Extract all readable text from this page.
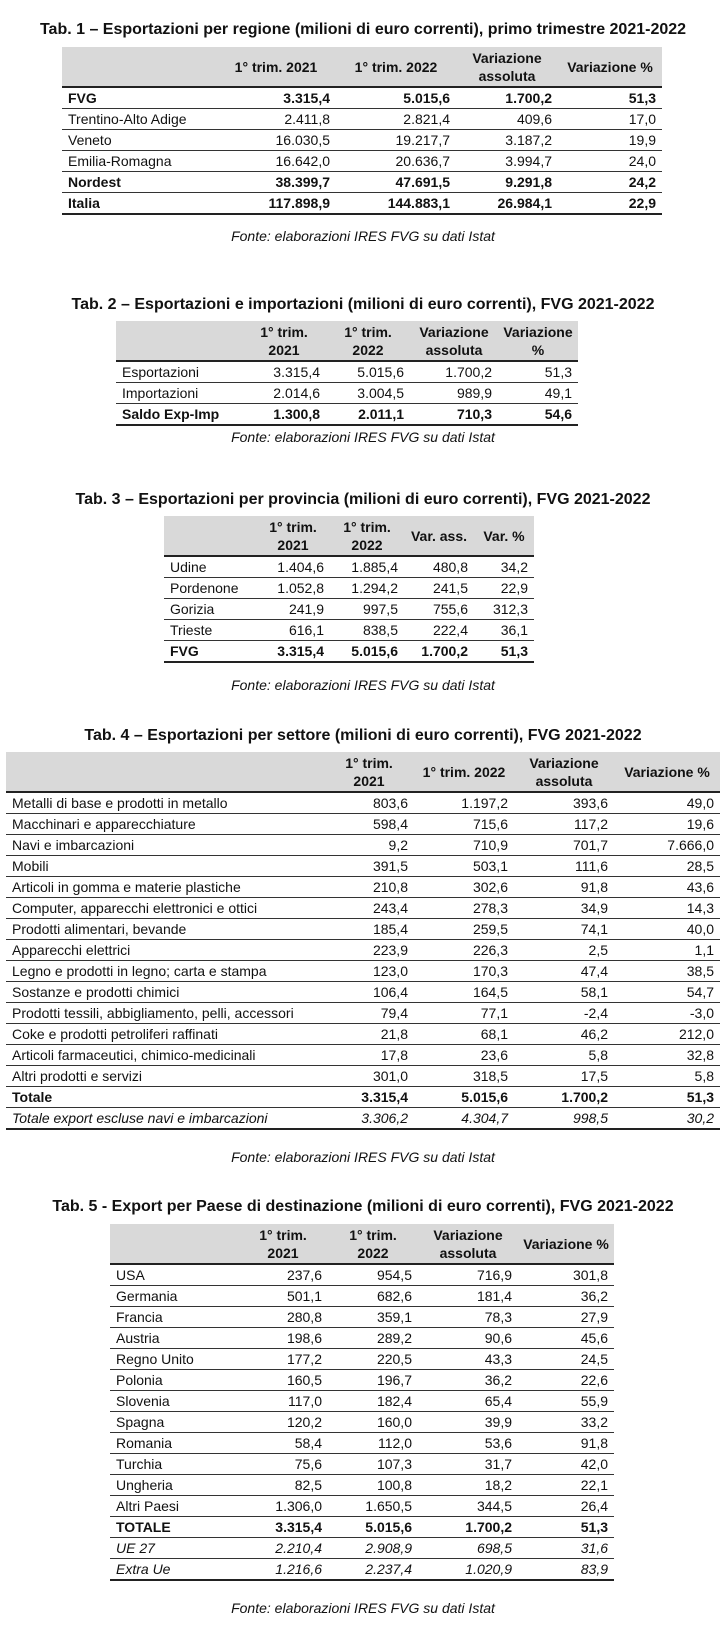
Tab. 1 – Esportazioni per regione (milioni di euro correnti), primo trimestre 2021-2022
	1° trim. 2021	1° trim. 2022	Variazione assoluta	Variazione %
FVG	3.315,4	5.015,6	1.700,2	51,3
Trentino-Alto Adige	2.411,8	2.821,4	409,6	17,0
Veneto	16.030,5	19.217,7	3.187,2	19,9
Emilia-Romagna	16.642,0	20.636,7	3.994,7	24,0
Nordest	38.399,7	47.691,5	9.291,8	24,2
Italia	117.898,9	144.883,1	26.984,1	22,9
Fonte: elaborazioni IRES FVG su dati Istat
Tab. 2 – Esportazioni e importazioni (milioni di euro correnti), FVG 2021-2022
	1° trim. 2021	1° trim. 2022	Variazione assoluta	Variazione %
Esportazioni	3.315,4	5.015,6	1.700,2	51,3
Importazioni	2.014,6	3.004,5	989,9	49,1
Saldo Exp-Imp	1.300,8	2.011,1	710,3	54,6
Fonte: elaborazioni IRES FVG su dati Istat
Tab. 3 – Esportazioni per provincia (milioni di euro correnti), FVG 2021-2022
	1° trim. 2021	1° trim. 2022	Var. ass.	Var. %
Udine	1.404,6	1.885,4	480,8	34,2
Pordenone	1.052,8	1.294,2	241,5	22,9
Gorizia	241,9	997,5	755,6	312,3
Trieste	616,1	838,5	222,4	36,1
FVG	3.315,4	5.015,6	1.700,2	51,3
Fonte: elaborazioni IRES FVG su dati Istat
Tab. 4 – Esportazioni per settore (milioni di euro correnti), FVG 2021-2022
	1° trim. 2021	1° trim. 2022	Variazione assoluta	Variazione %
Metalli di base e prodotti in metallo	803,6	1.197,2	393,6	49,0
Macchinari e apparecchiature	598,4	715,6	117,2	19,6
Navi e imbarcazioni	9,2	710,9	701,7	7.666,0
Mobili	391,5	503,1	111,6	28,5
Articoli in gomma e materie plastiche	210,8	302,6	91,8	43,6
Computer, apparecchi elettronici e ottici	243,4	278,3	34,9	14,3
Prodotti alimentari, bevande	185,4	259,5	74,1	40,0
Apparecchi elettrici	223,9	226,3	2,5	1,1
Legno e prodotti in legno; carta e stampa	123,0	170,3	47,4	38,5
Sostanze e prodotti chimici	106,4	164,5	58,1	54,7
Prodotti tessili, abbigliamento, pelli, accessori	79,4	77,1	-2,4	-3,0
Coke e prodotti petroliferi raffinati	21,8	68,1	46,2	212,0
Articoli farmaceutici, chimico-medicinali	17,8	23,6	5,8	32,8
Altri prodotti e servizi	301,0	318,5	17,5	5,8
Totale	3.315,4	5.015,6	1.700,2	51,3
Totale export escluse navi e imbarcazioni	3.306,2	4.304,7	998,5	30,2
Fonte: elaborazioni IRES FVG su dati Istat
Tab. 5 - Export per Paese di destinazione (milioni di euro correnti), FVG 2021-2022
	1° trim. 2021	1° trim. 2022	Variazione assoluta	Variazione %
USA	237,6	954,5	716,9	301,8
Germania	501,1	682,6	181,4	36,2
Francia	280,8	359,1	78,3	27,9
Austria	198,6	289,2	90,6	45,6
Regno Unito	177,2	220,5	43,3	24,5
Polonia	160,5	196,7	36,2	22,6
Slovenia	117,0	182,4	65,4	55,9
Spagna	120,2	160,0	39,9	33,2
Romania	58,4	112,0	53,6	91,8
Turchia	75,6	107,3	31,7	42,0
Ungheria	82,5	100,8	18,2	22,1
Altri Paesi	1.306,0	1.650,5	344,5	26,4
TOTALE	3.315,4	5.015,6	1.700,2	51,3
UE 27	2.210,4	2.908,9	698,5	31,6
Extra Ue	1.216,6	2.237,4	1.020,9	83,9
Fonte: elaborazioni IRES FVG su dati Istat
